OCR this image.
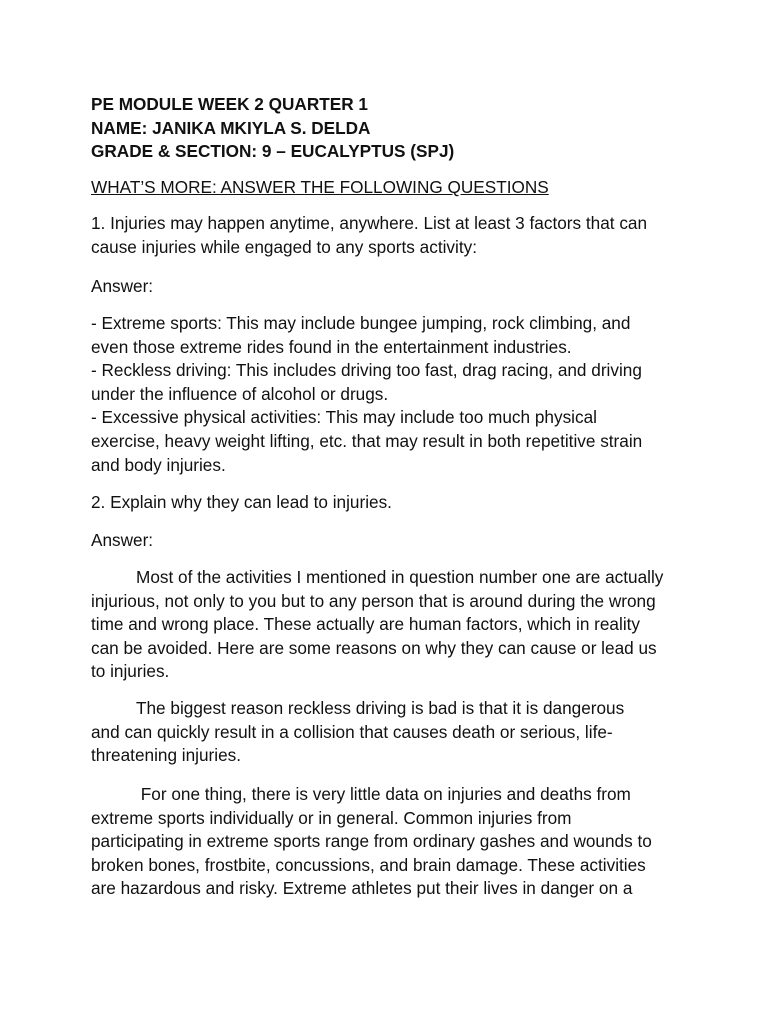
PE MODULE WEEK 2 QUARTER 1
NAME: JANIKA MKIYLA S. DELDA
GRADE & SECTION: 9 – EUCALYPTUS (SPJ)
WHAT’S MORE: ANSWER THE FOLLOWING QUESTIONS
1. Injuries may happen anytime, anywhere. List at least 3 factors that can
cause injuries while engaged to any sports activity:
Answer:
- Extreme sports: This may include bungee jumping, rock climbing, and
even those extreme rides found in the entertainment industries.
- Reckless driving: This includes driving too fast, drag racing, and driving
under the influence of alcohol or drugs.
- Excessive physical activities: This may include too much physical
exercise, heavy weight lifting, etc. that may result in both repetitive strain
and body injuries.
2. Explain why they can lead to injuries.
Answer:
Most of the activities I mentioned in question number one are actually
injurious, not only to you but to any person that is around during the wrong
time and wrong place. These actually are human factors, which in reality
can be avoided. Here are some reasons on why they can cause or lead us
to injuries.
The biggest reason reckless driving is bad is that it is dangerous
and can quickly result in a collision that causes death or serious, life-
threatening injuries.
For one thing, there is very little data on injuries and deaths from
extreme sports individually or in general. Common injuries from
participating in extreme sports range from ordinary gashes and wounds to
broken bones, frostbite, concussions, and brain damage. These activities
are hazardous and risky. Extreme athletes put their lives in danger on a
